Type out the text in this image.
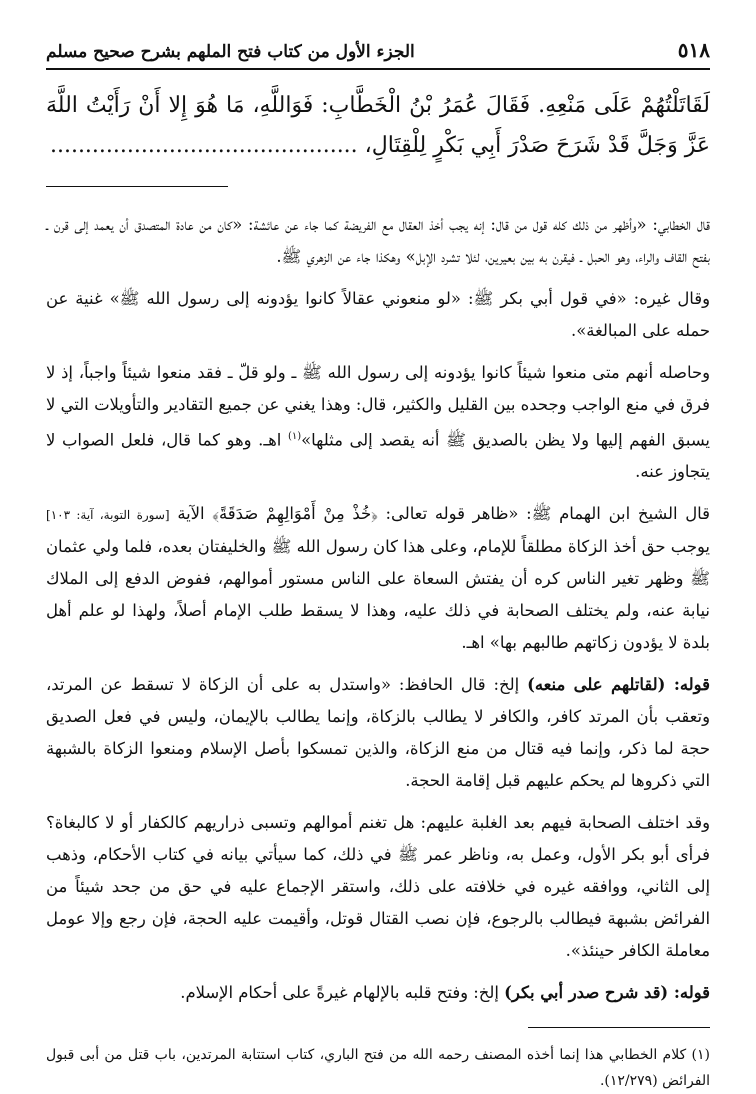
٥١٨
الجزء الأول من كتاب فتح الملهم بشرح صحيح مسلم

لَقَاتَلْتُهُمْ عَلَى مَنْعِهِ. فَقَالَ عُمَرُ بْنُ الْخَطَّابِ: فَوَاللَّهِ، مَا هُوَ إِلا أَنْ رَأَيْتُ اللَّهَ عَزَّ وَجَلَّ قَدْ شَرَحَ صَدْرَ أَبِي بَكْرٍ لِلْقِتَالِ، ............................................

قال الخطابي: «وأظهر من ذلك كله قول من قال: إنه يجب أخذ العقال مع الفريضة كما جاء عن عائشة: «كان من عادة المتصدق أن يعمد إلى قرن ـ بفتح القاف والراء، وهو الحبل ـ فيقرن به بين بعيرين، لئلا تشرد الإبل» وهكذا جاء عن الزهري ﷺ.

وقال غيره: «في قول أبي بكر ﷺ: «لو منعوني عقالاً كانوا يؤدونه إلى رسول الله ﷺ» غنية عن حمله على المبالغة».

وحاصله أنهم متى منعوا شيئاً كانوا يؤدونه إلى رسول الله ﷺ ـ ولو قلّ ـ فقد منعوا شيئاً واجباً، إذ لا فرق في منع الواجب وجحده بين القليل والكثير، قال: وهذا يغني عن جميع التقادير والتأويلات التي لا يسبق الفهم إليها ولا يظن بالصديق ﷺ أنه يقصد إلى مثلها»$^{(١)}$ اهـ. وهو كما قال، فلعل الصواب لا يتجاوز عنه.

قال الشيخ ابن الهمام ﷺ: «ظاهر قوله تعالى: ﴿خُذْ مِنْ أَمْوَالِهِمْ صَدَقَةً﴾ الآية [سورة التوبة، آية: ١٠٣] يوجب حق أخذ الزكاة مطلقاً للإمام، وعلى هذا كان رسول الله ﷺ والخليفتان بعده، فلما ولي عثمان ﷺ وظهر تغير الناس كره أن يفتش السعاة على الناس مستور أموالهم، ففوض الدفع إلى الملاك نيابة عنه، ولم يختلف الصحابة في ذلك عليه، وهذا لا يسقط طلب الإمام أصلاً، ولهذا لو علم أهل بلدة لا يؤدون زكاتهم طالبهم بها» اهـ.

قوله: (لقاتلهم على منعه) إلخ: قال الحافظ: «واستدل به على أن الزكاة لا تسقط عن المرتد، وتعقب بأن المرتد كافر، والكافر لا يطالب بالزكاة، وإنما يطالب بالإيمان، وليس في فعل الصديق حجة لما ذكر، وإنما فيه قتال من منع الزكاة، والذين تمسكوا بأصل الإسلام ومنعوا الزكاة بالشبهة التي ذكروها لم يحكم عليهم قبل إقامة الحجة.

وقد اختلف الصحابة فيهم بعد الغلبة عليهم: هل تغنم أموالهم وتسبى ذراريهم كالكفار أو لا كالبغاة؟ فرأى أبو بكر الأول، وعمل به، وناظر عمر ﷺ في ذلك، كما سيأتي بيانه في كتاب الأحكام، وذهب إلى الثاني، ووافقه غيره في خلافته على ذلك، واستقر الإجماع عليه في حق من جحد شيئاً من الفرائض بشبهة فيطالب بالرجوع، فإن نصب القتال قوتل، وأقيمت عليه الحجة، فإن رجع وإلا عومل معاملة الكافر حينئذ».

قوله: (قد شرح صدر أبي بكر) إلخ: وفتح قلبه بالإلهام غيرةً على أحكام الإسلام.

(١) كلام الخطابي هذا إنما أخذه المصنف رحمه الله من فتح الباري، كتاب استتابة المرتدين، باب قتل من أبى قبول الفرائض (١٢/٢٧٩).
